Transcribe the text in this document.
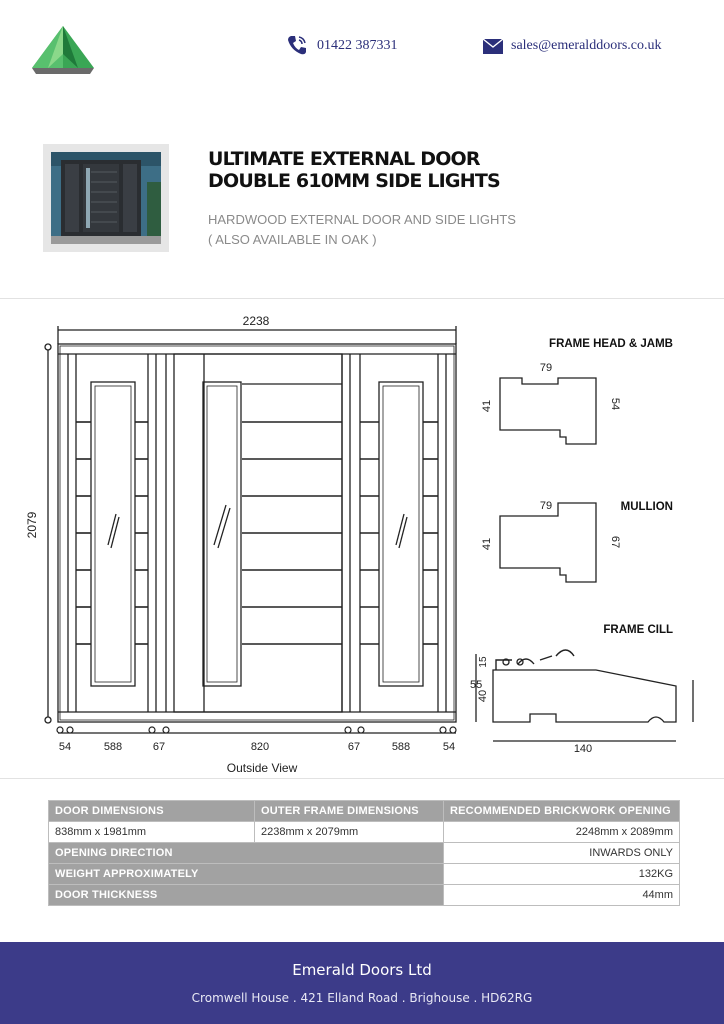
01422 387331	sales@emeralddoors.co.uk
ULTIMATE EXTERNAL DOOR
DOUBLE 610MM SIDE LIGHTS
HARDWOOD EXTERNAL DOOR AND SIDE LIGHTS
( ALSO AVAILABLE IN OAK )
2238
2079
54	588	67	820	67	588	54
Outside View
FRAME HEAD & JAMB
79
41	54
MULLION
79
41	67
FRAME CILL
15
40
55
140
DOOR DIMENSIONS	OUTER FRAME DIMENSIONS	RECOMMENDED BRICKWORK OPENING
838mm x 1981mm	2238mm x 2079mm	2248mm x 2089mm
OPENING DIRECTION		INWARDS ONLY
WEIGHT APPROXIMATELY		132KG
DOOR THICKNESS		44mm
Emerald Doors Ltd
Cromwell House . 421 Elland Road . Brighouse . HD62RG
